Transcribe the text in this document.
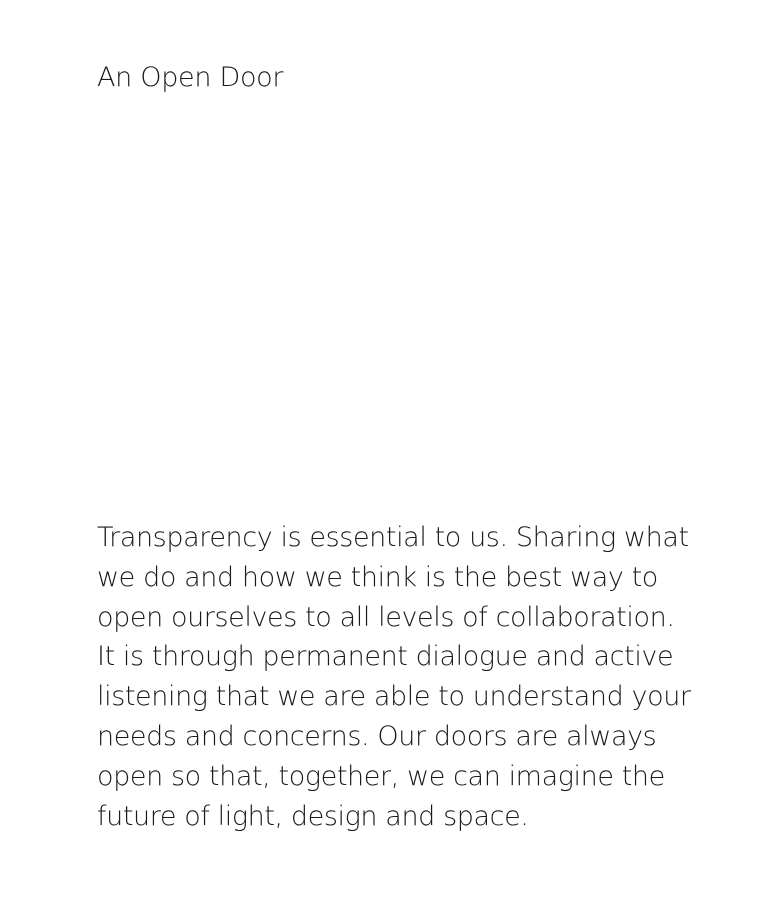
An Open Door

Transparency is essential to us. Sharing what
we do and how we think is the best way to
open ourselves to all levels of collaboration.
It is through permanent dialogue and active
listening that we are able to understand your
needs and concerns. Our doors are always
open so that, together, we can imagine the
future of light, design and space.
